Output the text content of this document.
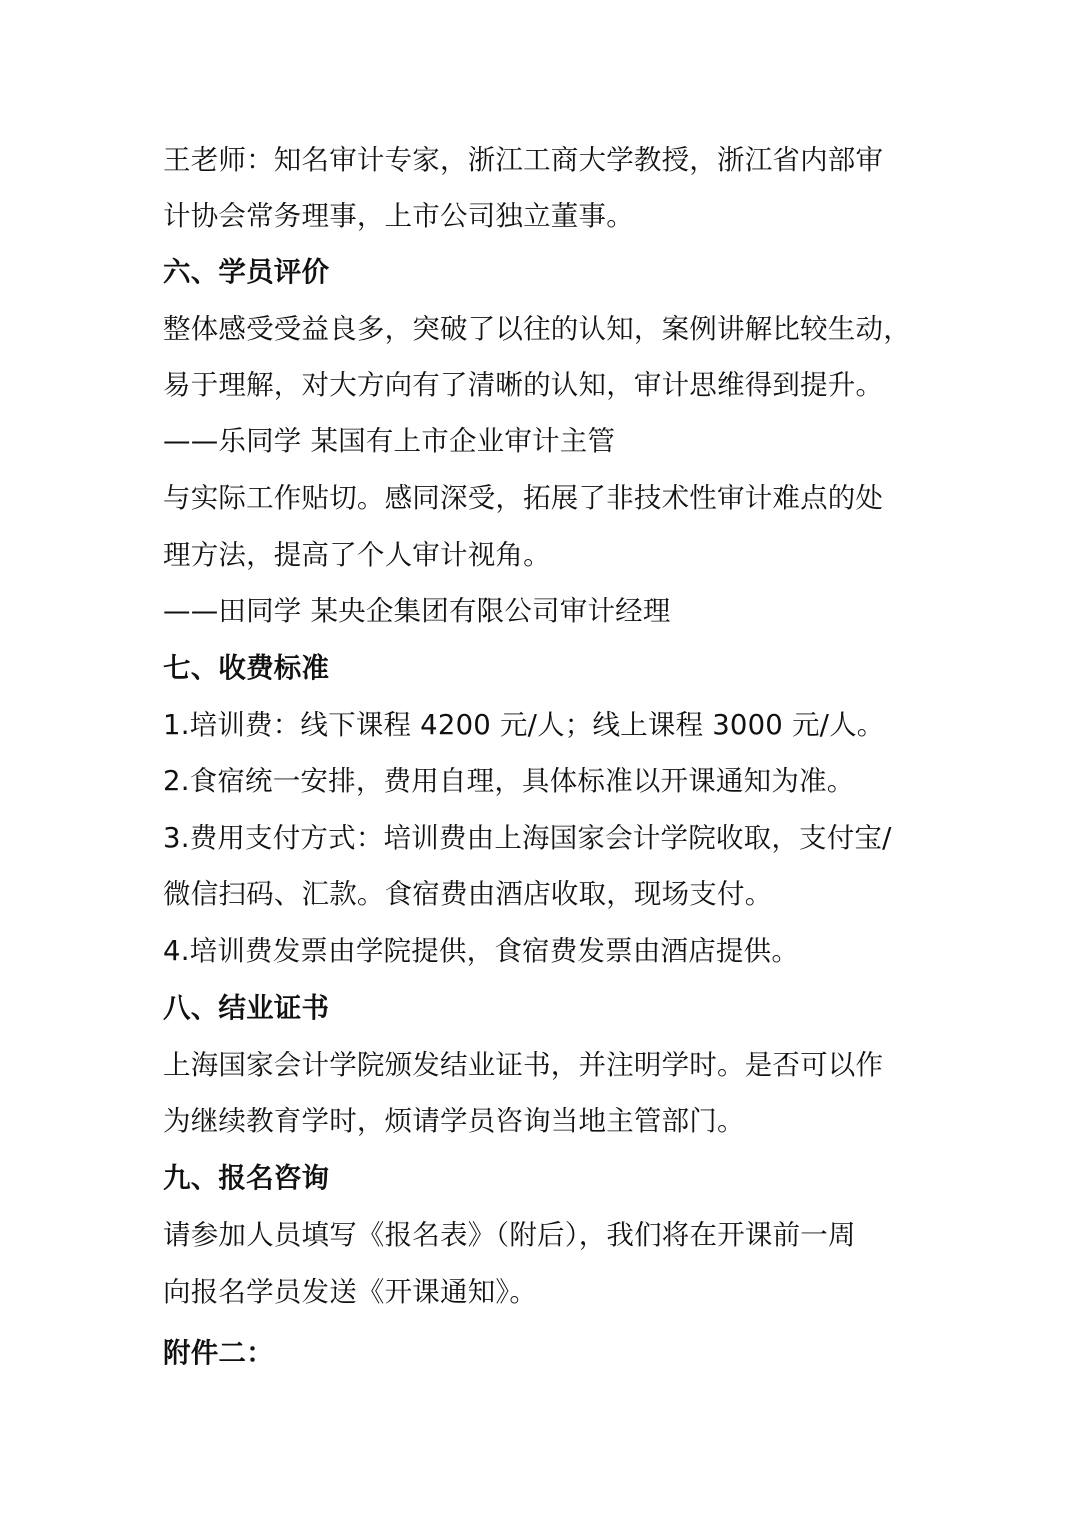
王老师：知名审计专家，浙江工商大学教授，浙江省内部审
计协会常务理事，上市公司独立董事。
六、学员评价
整体感受受益良多，突破了以往的认知，案例讲解比较生动，
易于理解，对大方向有了清晰的认知，审计思维得到提升。
——乐同学 某国有上市企业审计主管
与实际工作贴切。感同深受，拓展了非技术性审计难点的处
理方法，提高了个人审计视角。
——田同学 某央企集团有限公司审计经理
七、收费标准
1.培训费：线下课程 4200 元/人；线上课程 3000 元/人。
2.食宿统一安排，费用自理，具体标准以开课通知为准。
3.费用支付方式：培训费由上海国家会计学院收取，支付宝/
微信扫码、汇款。食宿费由酒店收取，现场支付。
4.培训费发票由学院提供，食宿费发票由酒店提供。
八、结业证书
上海国家会计学院颁发结业证书，并注明学时。是否可以作
为继续教育学时，烦请学员咨询当地主管部门。
九、报名咨询
请参加人员填写《报名表》（附后），我们将在开课前一周
向报名学员发送《开课通知》。
附件二：
